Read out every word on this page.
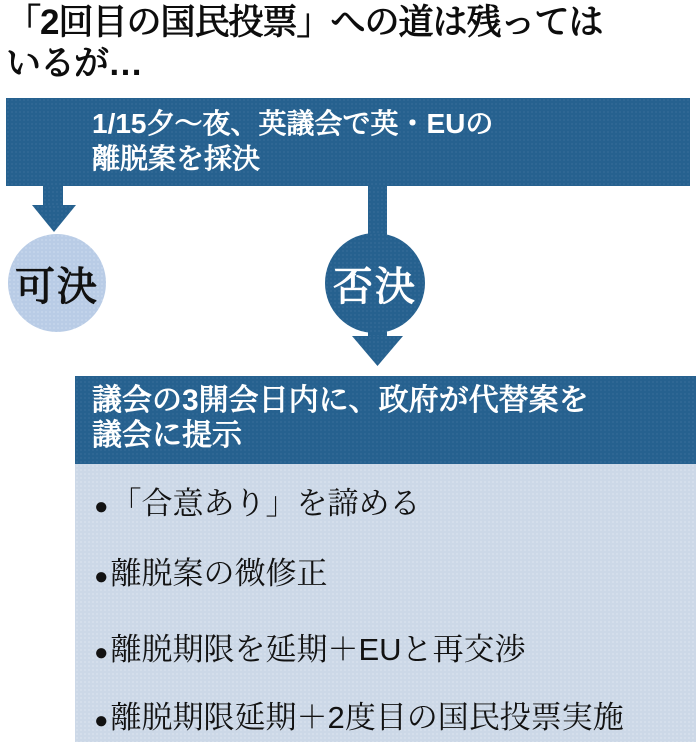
「2回目の国民投票」への道は残っては
いるが…
1/15夕～夜、英議会で英・EUの
離脱案を採決
可決	否決
議会の3開会日内に、政府が代替案を
議会に提示
● 「合意あり」を諦める
● 離脱案の微修正
● 離脱期限を延期＋EUと再交渉
● 離脱期限延期＋2度目の国民投票実施
